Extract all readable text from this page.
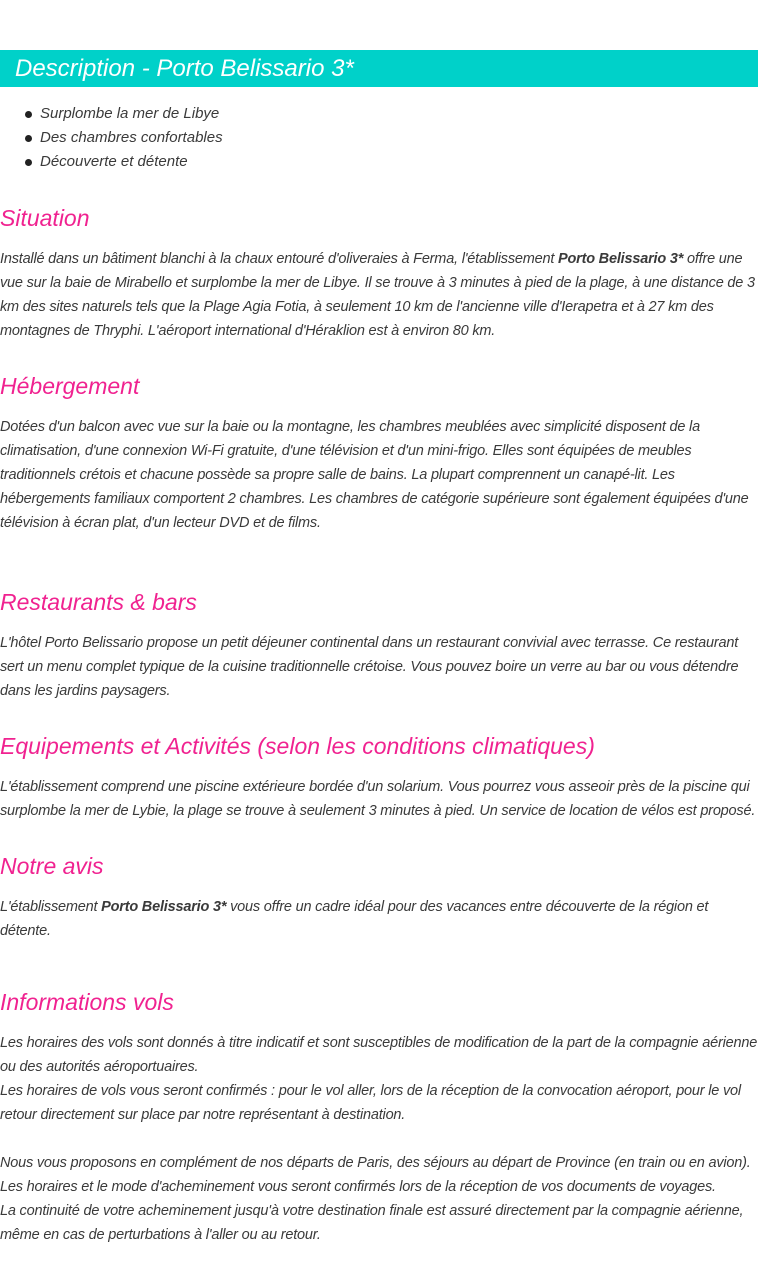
Description - Porto Belissario 3*
Surplombe la mer de Libye
Des chambres confortables
Découverte et détente
Situation

Installé dans un bâtiment blanchi à la chaux entouré d'oliveraies à Ferma, l'établissement Porto Belissario 3* offre une vue sur la baie de Mirabello et surplombe la mer de Libye. Il se trouve à 3 minutes à pied de la plage, à une distance de 3 km des sites naturels tels que la Plage Agia Fotia, à seulement 10 km de l'ancienne ville d'Ierapetra et à 27 km des montagnes de Thryphi. L'aéroport international d'Héraklion est à environ 80 km.

Hébergement

Dotées d'un balcon avec vue sur la baie ou la montagne, les chambres meublées avec simplicité disposent de la climatisation, d'une connexion Wi-Fi gratuite, d'une télévision et d'un mini-frigo. Elles sont équipées de meubles traditionnels crétois et chacune possède sa propre salle de bains. La plupart comprennent un canapé-lit. Les hébergements familiaux comportent 2 chambres. Les chambres de catégorie supérieure sont également équipées d'une télévision à écran plat, d'un lecteur DVD et de films.

Restaurants & bars

L'hôtel Porto Belissario propose un petit déjeuner continental dans un restaurant convivial avec terrasse. Ce restaurant sert un menu complet typique de la cuisine traditionnelle crétoise. Vous pouvez boire un verre au bar ou vous détendre dans les jardins paysagers.

Equipements et Activités (selon les conditions climatiques)

L'établissement comprend une piscine extérieure bordée d'un solarium. Vous pourrez vous asseoir près de la piscine qui surplombe la mer de Lybie, la plage se trouve à seulement 3 minutes à pied. Un service de location de vélos est proposé.

Notre avis

L'établissement Porto Belissario 3* vous offre un cadre idéal pour des vacances entre découverte de la région et détente.

Informations vols

Les horaires des vols sont donnés à titre indicatif et sont susceptibles de modification de la part de la compagnie aérienne ou des autorités aéroportuaires.

Les horaires de vols vous seront confirmés : pour le vol aller, lors de la réception de la convocation aéroport, pour le vol retour directement sur place par notre représentant à destination.

Nous vous proposons en complément de nos départs de Paris, des séjours au départ de Province (en train ou en avion).

Les horaires et le mode d'acheminement vous seront confirmés lors de la réception de vos documents de voyages.

La continuité de votre acheminement jusqu'à votre destination finale est assuré directement par la compagnie aérienne, même en cas de perturbations à l'aller ou au retour.
